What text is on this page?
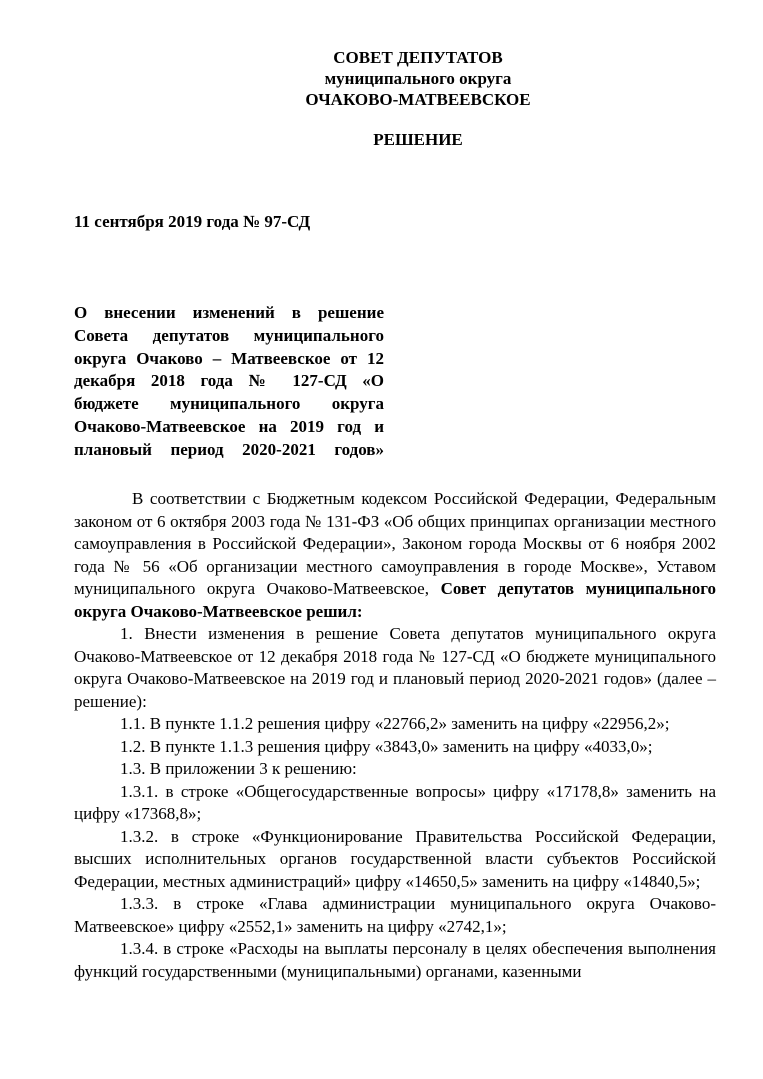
СОВЕТ ДЕПУТАТОВ
муниципального округа
ОЧАКОВО-МАТВЕЕВСКОЕ
РЕШЕНИЕ
11 сентября 2019 года № 97-СД
О внесении изменений в решение Совета депутатов муниципального округа Очаково – Матвеевское от 12 декабря 2018 года № 127-СД «О бюджете муниципального округа Очаково-Матвеевское на 2019 год и плановый период 2020-2021 годов»

В соответствии с Бюджетным кодексом Российской Федерации, Федеральным законом от 6 октября 2003 года № 131-ФЗ «Об общих принципах организации местного самоуправления в Российской Федерации», Законом города Москвы от 6 ноября 2002 года № 56 «Об организации местного самоуправления в городе Москве», Уставом муниципального округа Очаково-Матвеевское, Совет депутатов муниципального округа Очаково-Матвеевское решил:

1. Внести изменения в решение Совета депутатов муниципального округа Очаково-Матвеевское от 12 декабря 2018 года № 127-СД «О бюджете муниципального округа Очаково-Матвеевское на 2019 год и плановый период 2020-2021 годов» (далее – решение):

1.1. В пункте 1.1.2 решения цифру «22766,2» заменить на цифру «22956,2»;

1.2. В пункте 1.1.3 решения цифру «3843,0» заменить на цифру «4033,0»;

1.3. В приложении 3 к решению:

1.3.1. в строке «Общегосударственные вопросы» цифру «17178,8» заменить на цифру «17368,8»;

1.3.2. в строке «Функционирование Правительства Российской Федерации, высших исполнительных органов государственной власти субъектов Российской Федерации, местных администраций» цифру «14650,5» заменить на цифру «14840,5»;

1.3.3. в строке «Глава администрации муниципального округа Очаково-Матвеевское» цифру «2552,1» заменить на цифру «2742,1»;

1.3.4. в строке «Расходы на выплаты персоналу в целях обеспечения выполнения функций государственными (муниципальными) органами, казенными
